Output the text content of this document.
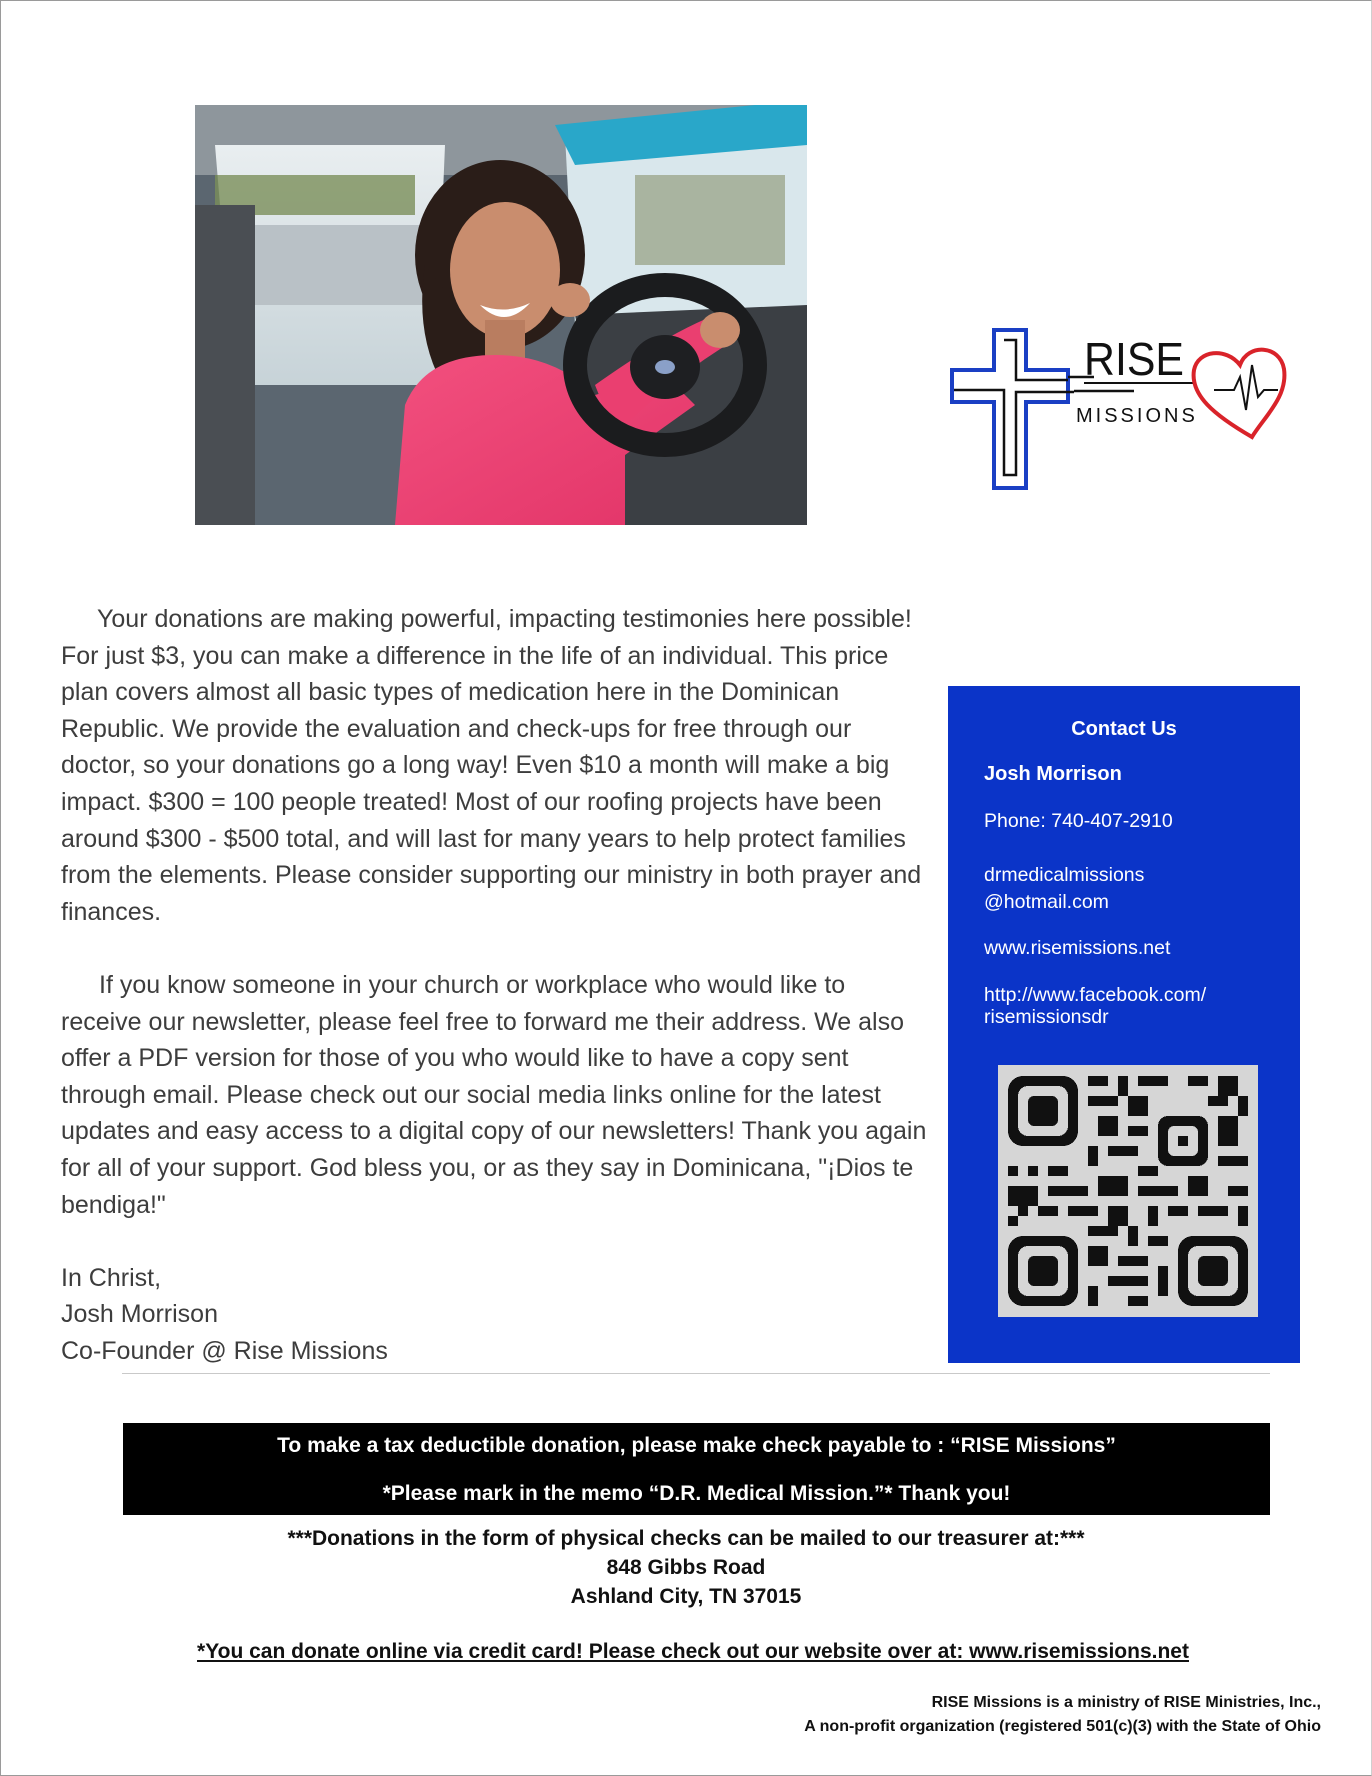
RISE
MISSIONS

Your donations are making powerful, impacting testimonies here possible! For just $3, you can make a difference in the life of an individual. This price plan covers almost all basic types of medication here in the Dominican Republic. We provide the evaluation and check-ups for free through our doctor, so your donations go a long way! Even $10 a month will make a big impact. $300 = 100 people treated! Most of our roofing projects have been around $300 - $500 total, and will last for many years to help protect families from the elements. Please consider supporting our ministry in both prayer and finances.

If you know someone in your church or workplace who would like to receive our newsletter, please feel free to forward me their address. We also offer a PDF version for those of you who would like to have a copy sent through email. Please check out our social media links online for the latest updates and easy access to a digital copy of our newsletters! Thank you again for all of your support. God bless you, or as they say in Dominicana, "¡Dios te bendiga!"

In Christ,

Josh Morrison

Co-Founder @ Rise Missions

Contact Us
Josh Morrison
Phone: 740-407-2910
drmedicalmissions
@hotmail.com
www.risemissions.net
http://www.facebook.com/
risemissionsdr
To make a tax deductible donation, please make check payable to : “RISE Missions”
*Please mark in the memo “D.R. Medical Mission.”* Thank you!
***Donations in the form of physical checks can be mailed to our treasurer at:***
848 Gibbs Road
Ashland City, TN 37015
*You can donate online via credit card! Please check out our website over at: www.risemissions.net
RISE Missions is a ministry of RISE Ministries, Inc.,
A non-profit organization (registered 501(c)(3) with the State of Ohio
